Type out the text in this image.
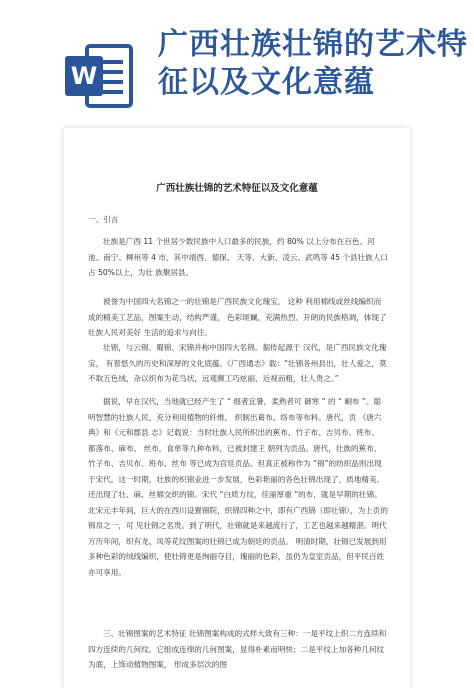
W
广西壮族壮锦的艺术特征以及文化意蕴
广西壮族壮锦的艺术特征以及文化意蕴
一、引言
壮族是广西 11 个世居少数民族中人口最多的民族，约 80% 以上分布在百色、河池、南宁、柳州等 4 市，其中靖西、德保、 天等、大新、凌云、武鸣等 45 个县壮族人口占 50%以上，为壮 族聚居县。
被誉为中国四大名锦之一的壮锦是广西民族文化瑰宝， 这种 利用棉线或丝线编织而成的精美工艺品，图案生动，结构严谨， 色彩斑斓，充满热烈、开朗的民族格调，体现了壮族人民对美好 生活的追求与向往。
壮锦，与云锦、蜀锦、宋锦并称中国四大名锦。据传起源于 汉代，是广西民族文化瑰宝， 有着悠久的历史和深厚的文化底蕴。《广西通志》载：“壮锦各州县出，壮人爱之，莫 不取五色绒，杂以织布为花鸟状，远观颇工巧炫丽，近视而粗，壮人贵之。”
据说，早在汉代，当地就已经产生了 “ 细者宜暑，柔熟者可 御寒 ” 的 “ 峒布 ”。聪明智慧的壮族人民，充分利用植物的纤维， 织制出葛布、络布等布料。唐代，贡 《唐六典》和《元和郡县 志》记载说：当时壮族人民所织出的蕉布、竹子布、吉贝布、班布、 都落布、麻布、 丝布，食单等九种布料，已被封建王 朝列为贡品。唐代，壮族的蕉布、竹子布、吉贝布、班布、丝布 等已成为宫廷贡品。但真正被称作为 “锦”的纺织品则出现于宋代。这一时期，壮族的织锦业进一步发展，色彩艳丽的各色壮锦出现了，质地精美。还出现了壮、麻、丝棉交织的锦。宋代 “白质方纹，佳丽厚重 ”的布，就是早期的壮锦。北宋元丰年间，巨大的在西川设置锦院，织锦四种之中，即有广西锦（即壮锦），为上贡的锦帛之一，可 见壮锦之名贵。到了明代，壮锦就是来越流行了，工艺也越来越精湛。明代万历年间，织有龙、凤等花纹图案的壮锦已成为朝廷的贡品。 明清时期，壮锦已发展到用多种色彩的绒线编织，使壮锦更是绚丽夺目，瑰丽的色彩，虽仍为皇室贡品，但平民百姓亦可享用。
三、壮锦图案的艺术特征 壮锦图案构成的式样大致有三种：一是平纹上织二方连续和 四方连续的几何纹，它组成连绵的几何图案，显得朴素而明快；二是平纹上加各种几何纹为底，上饰动植物图案， 形成多层次的图
